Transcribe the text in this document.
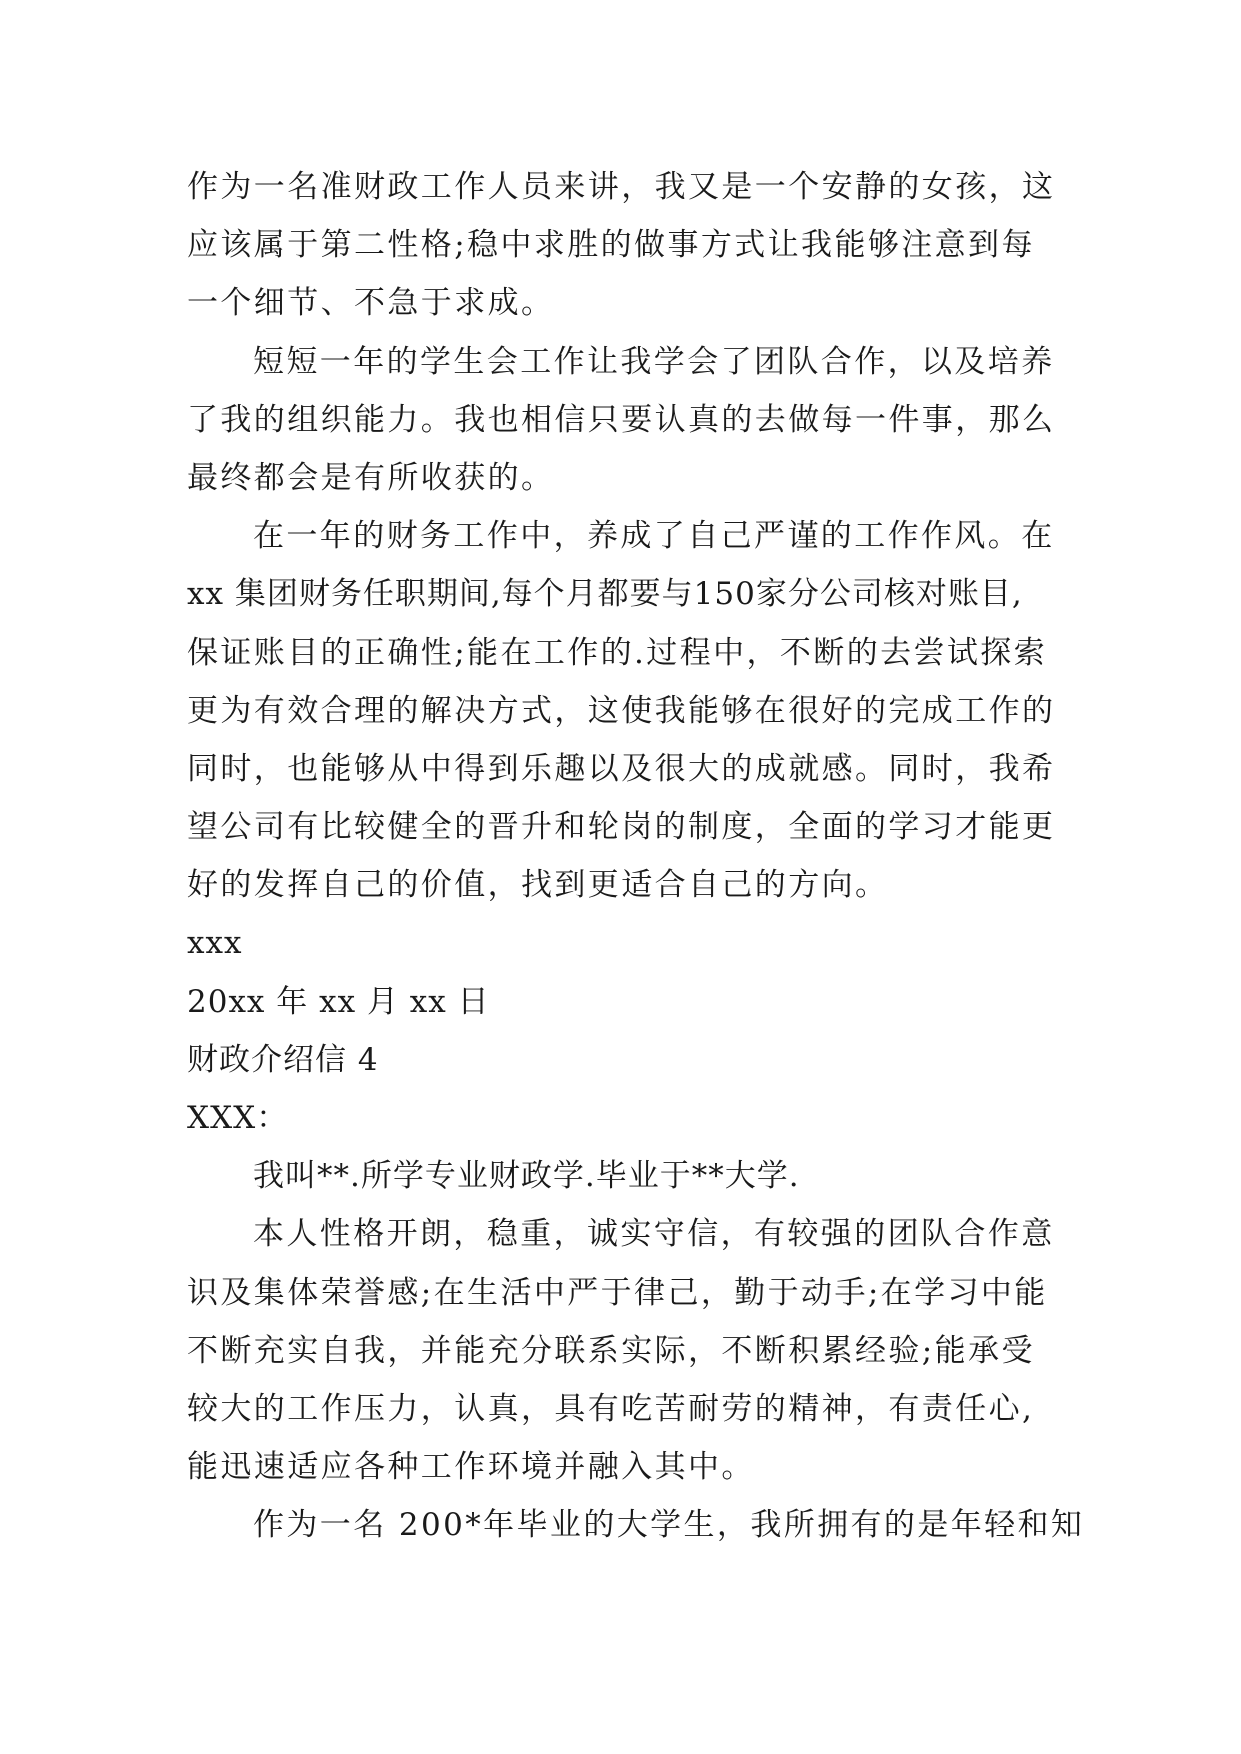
作为一名准财政工作人员来讲，我又是一个安静的女孩，这
应该属于第二性格;稳中求胜的做事方式让我能够注意到每
一个细节、不急于求成。
短短一年的学生会工作让我学会了团队合作，以及培养
了我的组织能力。我也相信只要认真的去做每一件事，那么
最终都会是有所收获的。
在一年的财务工作中，养成了自己严谨的工作作风。在
xx 集团财务任职期间,每个月都要与150家分公司核对账目,
保证账目的正确性;能在工作的.过程中，不断的去尝试探索
更为有效合理的解决方式，这使我能够在很好的完成工作的
同时，也能够从中得到乐趣以及很大的成就感。同时，我希
望公司有比较健全的晋升和轮岗的制度，全面的学习才能更
好的发挥自己的价值，找到更适合自己的方向。
xxx
20xx 年 xx 月 xx 日
财政介绍信 4
XXX：
我叫**.所学专业财政学.毕业于**大学.
本人性格开朗，稳重，诚实守信，有较强的团队合作意
识及集体荣誉感;在生活中严于律己，勤于动手;在学习中能
不断充实自我，并能充分联系实际，不断积累经验;能承受
较大的工作压力，认真，具有吃苦耐劳的精神，有责任心,
能迅速适应各种工作环境并融入其中。
作为一名 200*年毕业的大学生，我所拥有的是年轻和知
